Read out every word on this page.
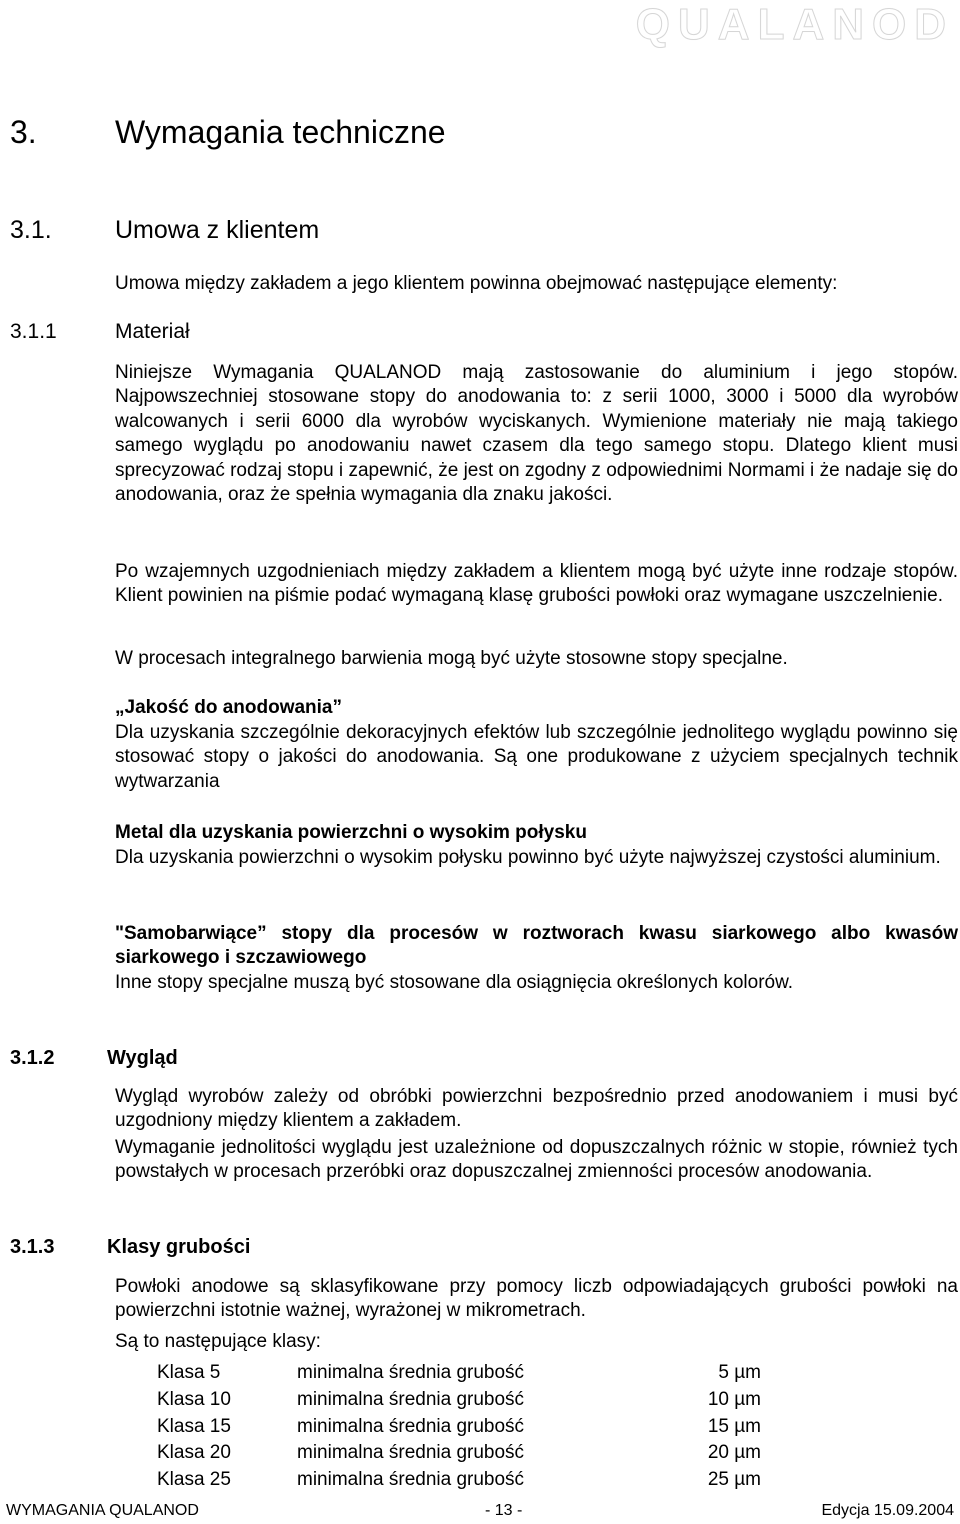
QUALANOD
3. Wymagania techniczne
3.1.	Umowa z klientem
Umowa między zakładem a jego klientem powinna obejmować następujące elementy:
3.1.1	Materiał
Niniejsze Wymagania QUALANOD mają zastosowanie do aluminium i jego stopów. Najpowszechniej stosowane stopy do anodowania to: z serii 1000, 3000 i 5000 dla wyrobów walcowanych i serii 6000 dla wyrobów wyciskanych. Wymienione materiały nie mają takiego samego wyglądu po anodowaniu nawet czasem dla tego samego stopu. Dlatego klient musi sprecyzować rodzaj stopu i zapewnić, że jest on zgodny z odpowiednimi Normami i że nadaje się do anodowania, oraz że spełnia wymagania dla znaku jakości.
Po wzajemnych uzgodnieniach między zakładem a klientem mogą być użyte inne rodzaje stopów. Klient powinien na piśmie podać wymaganą klasę grubości powłoki oraz wymagane uszczelnienie.
W procesach integralnego barwienia mogą być użyte stosowne stopy specjalne.
„Jakość do anodowania”
Dla uzyskania szczególnie dekoracyjnych efektów lub szczególnie jednolitego wyglądu powinno się stosować stopy o jakości do anodowania. Są one produkowane z użyciem specjalnych technik wytwarzania
Metal dla uzyskania powierzchni o wysokim połysku
Dla uzyskania powierzchni o wysokim połysku powinno być użyte najwyższej czystości aluminium.
"Samobarwiące” stopy dla procesów w roztworach kwasu siarkowego albo kwasów siarkowego i szczawiowego
Inne stopy specjalne muszą być stosowane dla osiągnięcia określonych kolorów.
3.1.2	Wygląd
Wygląd wyrobów zależy od obróbki powierzchni bezpośrednio przed anodowaniem i musi być uzgodniony między klientem a zakładem.
Wymaganie jednolitości wyglądu jest uzależnione od dopuszczalnych różnic w stopie, również tych powstałych w procesach przeróbki oraz dopuszczalnej zmienności procesów anodowania.
3.1.3	Klasy grubości
Powłoki anodowe są sklasyfikowane przy pomocy liczb odpowiadających grubości powłoki na powierzchni istotnie ważnej, wyrażonej w mikrometrach.
Są to następujące klasy:
Klasa 5	minimalna średnia grubość	5 µm
Klasa 10	minimalna średnia grubość	10 µm
Klasa 15	minimalna średnia grubość	15 µm
Klasa 20	minimalna średnia grubość	20 µm
Klasa 25	minimalna średnia grubość	25 µm
WYMAGANIA QUALANOD	- 13 -	Edycja 15.09.2004
